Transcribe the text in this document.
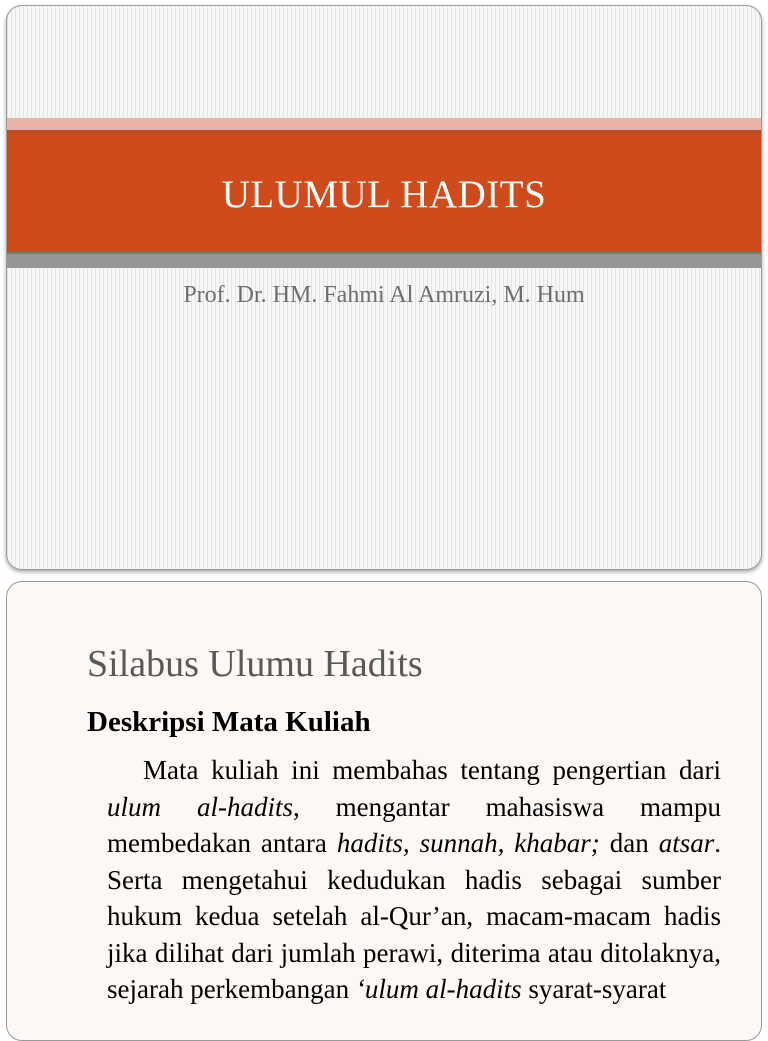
ULUMUL HADITS
Prof. Dr. HM. Fahmi Al Amruzi, M. Hum
Silabus Ulumu Hadits
Deskripsi Mata Kuliah
Mata kuliah ini membahas tentang pengertian dari ulum al-hadits, mengantar mahasiswa mampu membedakan antara hadits, sunnah, khabar; dan atsar. Serta mengetahui kedudukan hadis sebagai sumber hukum kedua setelah al-Qur’an, macam-macam hadis jika dilihat dari jumlah perawi, diterima atau ditolaknya, sejarah perkembangan ‘ulum al-hadits syarat-syarat
